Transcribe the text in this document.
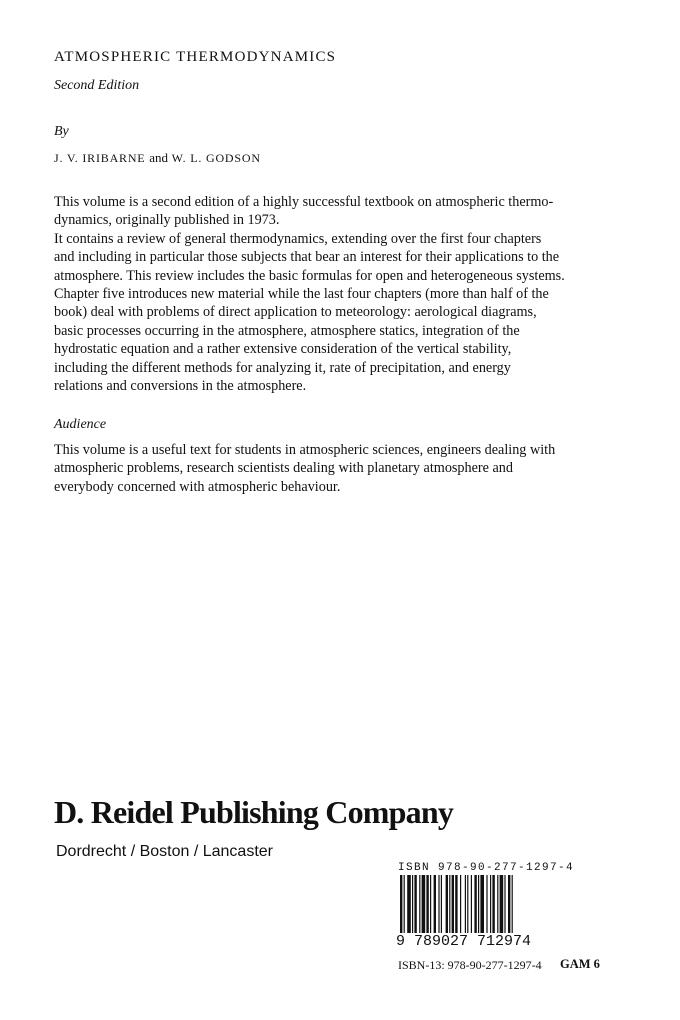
ATMOSPHERIC THERMODYNAMICS
Second Edition
By
J. V. IRIBARNE and W. L. GODSON

This volume is a second edition of a highly successful textbook on atmospheric thermo-

dynamics, originally published in 1973.

It contains a review of general thermodynamics, extending over the first four chapters

and including in particular those subjects that bear an interest for their applications to the

atmosphere. This review includes the basic formulas for open and heterogeneous systems.

Chapter five introduces new material while the last four chapters (more than half of the

book) deal with problems of direct application to meteorology: aerological diagrams,

basic processes occurring in the atmosphere, atmosphere statics, integration of the

hydrostatic equation and a rather extensive consideration of the vertical stability,

including the different methods for analyzing it, rate of precipitation, and energy

relations and conversions in the atmosphere.

Audience

This volume is a useful text for students in atmospheric sciences, engineers dealing with

atmospheric problems, research scientists dealing with planetary atmosphere and

everybody concerned with atmospheric behaviour.

D. Reidel Publishing Company
Dordrecht / Boston / Lancaster
ISBN 978-90-277-1297-4
9 789027 712974
ISBN-13: 978-90-277-1297-4 GAM 6
